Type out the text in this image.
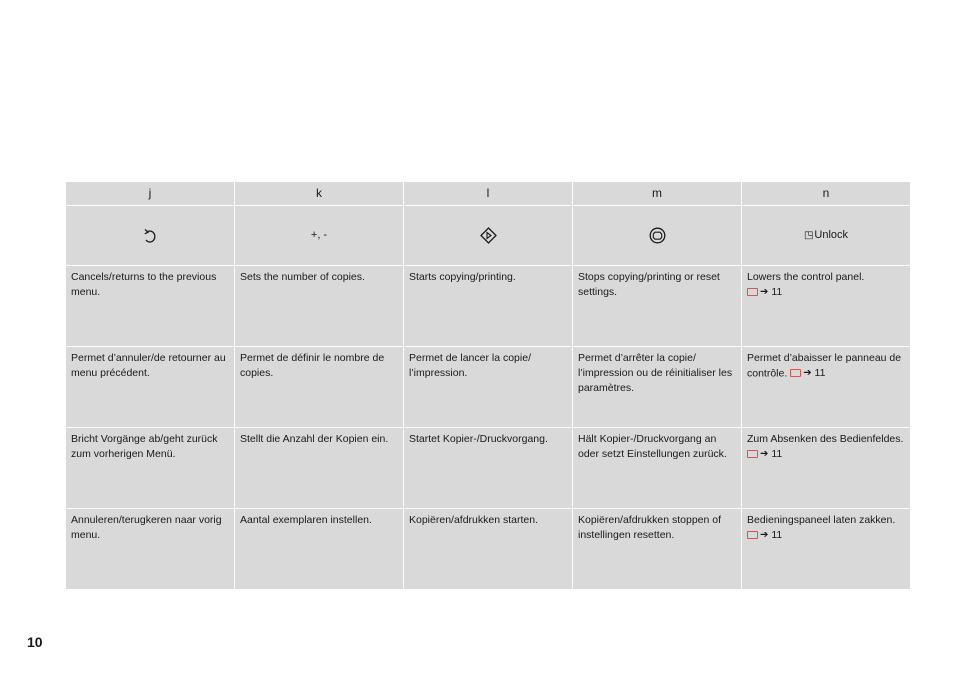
j	k	l	m	n
	+, -			◳Unlock

Cancels/returns to the previous menu.	Sets the number of copies.	Starts copying/printing.	Stops copying/printing or reset settings.	Lowers the control panel.
➔ 11

Permet d’annuler/de retourner au menu précédent.	Permet de définir le nombre de copies.	Permet de lancer la copie/ l’impression.	Permet d’arrêter la copie/ l’impression ou de réinitialiser les paramètres.	Permet d’abaisser le panneau de contrôle. ➔ 11

Bricht Vorgänge ab/geht zurück zum vorherigen Menü.	Stellt die Anzahl der Kopien ein.	Startet Kopier-/Druckvorgang.	Hält Kopier-/Druckvorgang an oder setzt Einstellungen zurück.	Zum Absenken des Bedienfeldes.
➔ 11

Annuleren/terugkeren naar vorig menu.	Aantal exemplaren instellen.	Kopiëren/afdrukken starten.	Kopiëren/afdrukken stoppen of instellingen resetten.	Bedieningspaneel laten zakken.
➔ 11
10
